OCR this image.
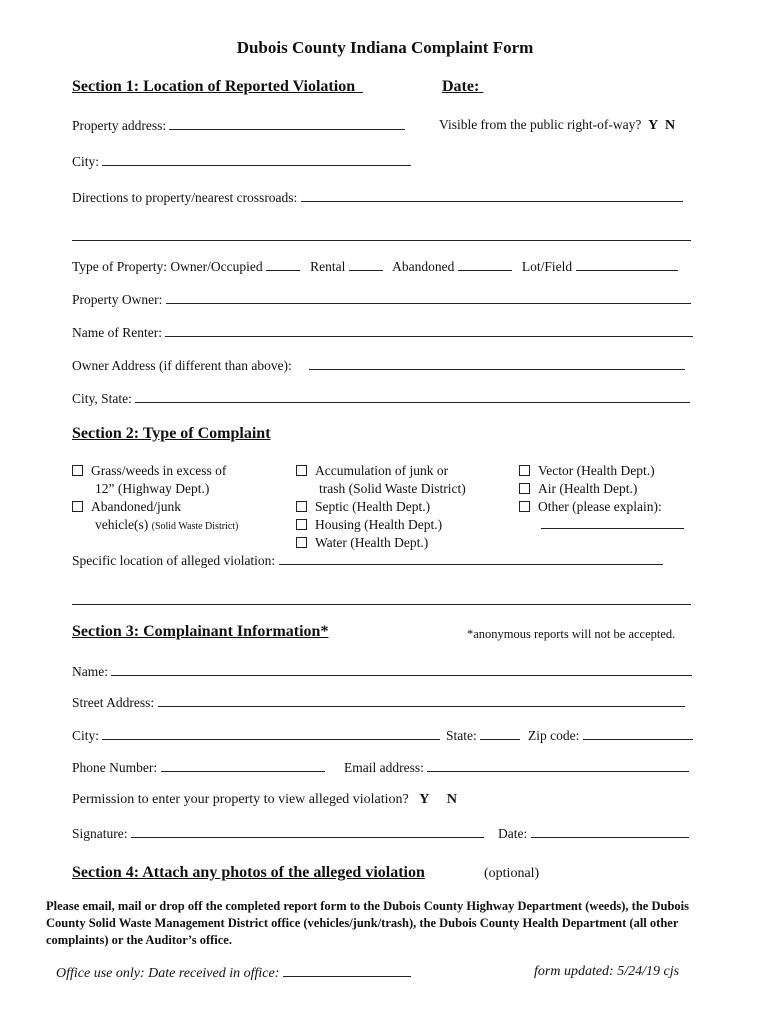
Dubois County Indiana Complaint Form
Section 1: Location of Reported Violation	Date:
Property address:	Visible from the public right-of-way? Y N
City:
Directions to property/nearest crossroads:
Type of Property: Owner/Occupied	Rental	Abandoned	Lot/Field
Property Owner:
Name of Renter:
Owner Address (if different than above):
City, State:
Section 2: Type of Complaint
Grass/weeds in excess of
12” (Highway Dept.)
Abandoned/junk
vehicle(s) (Solid Waste District)
Accumulation of junk or
trash (Solid Waste District)
Septic (Health Dept.)
Housing (Health Dept.)
Water (Health Dept.)
Vector (Health Dept.)
Air (Health Dept.)
Other (please explain):
Specific location of alleged violation:
Section 3: Complainant Information*	*anonymous reports will not be accepted.
Name:
Street Address:
City:	State:	Zip code:
Phone Number:	Email address:
Permission to enter your property to view alleged violation? Y N
Signature:	Date:
Section 4: Attach any photos of the alleged violation	(optional)
Please email, mail or drop off the completed report form to the Dubois County Highway Department (weeds), the Dubois County Solid Waste Management District office (vehicles/junk/trash), the Dubois County Health Department (all other complaints) or the Auditor’s office.
Office use only: Date received in office:	form updated: 5/24/19 cjs
